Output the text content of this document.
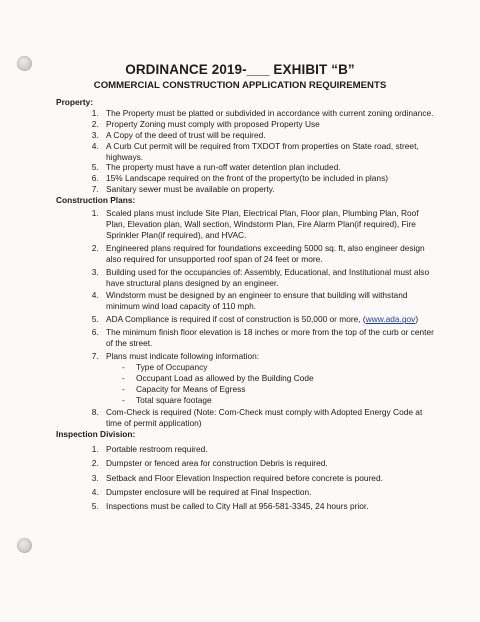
ORDINANCE 2019-___ EXHIBIT “B”
COMMERCIAL CONSTRUCTION APPLICATION REQUIREMENTS
Property:
1. The Property must be platted or subdivided in accordance with current zoning ordinance.
2. Property Zoning must comply with proposed Property Use
3. A Copy of the deed of trust will be required.
4. A Curb Cut permit will be required from TXDOT from properties on State road, street, highways.
5. The property must have a run-off water detention plan included.
6. 15% Landscape required on the front of the property(to be included in plans)
7. Sanitary sewer must be available on property.
Construction Plans:
1. Scaled plans must include Site Plan, Electrical Plan, Floor plan, Plumbing Plan, Roof Plan, Elevation plan, Wall section, Windstorm Plan, Fire Alarm Plan(if required), Fire Sprinkler Plan(if required), and HVAC.
2. Engineered plans required for foundations exceeding 5000 sq. ft, also engineer design also required for unsupported roof span of 24 feet or more.
3. Building used for the occupancies of: Assembly, Educational, and Institutional must also have structural plans designed by an engineer.
4. Windstorm must be designed by an engineer to ensure that building will withstand minimum wind load capacity of 110 mph.
5. ADA Compliance is required if cost of construction is 50,000 or more, (www.ada.gov)
6. The minimum finish floor elevation is 18 inches or more from the top of the curb or center of the street.
7. Plans must indicate following information:
- Type of Occupancy
- Occupant Load as allowed by the Building Code
- Capacity for Means of Egress
- Total square footage
8. Com-Check is required (Note: Com-Check must comply with Adopted Energy Code at time of permit application)
Inspection Division:
1. Portable restroom required.
2. Dumpster or fenced area for construction Debris is required.
3. Setback and Floor Elevation Inspection required before concrete is poured.
4. Dumpster enclosure will be required at Final Inspection.
5. Inspections must be called to City Hall at 956-581-3345, 24 hours prior.
